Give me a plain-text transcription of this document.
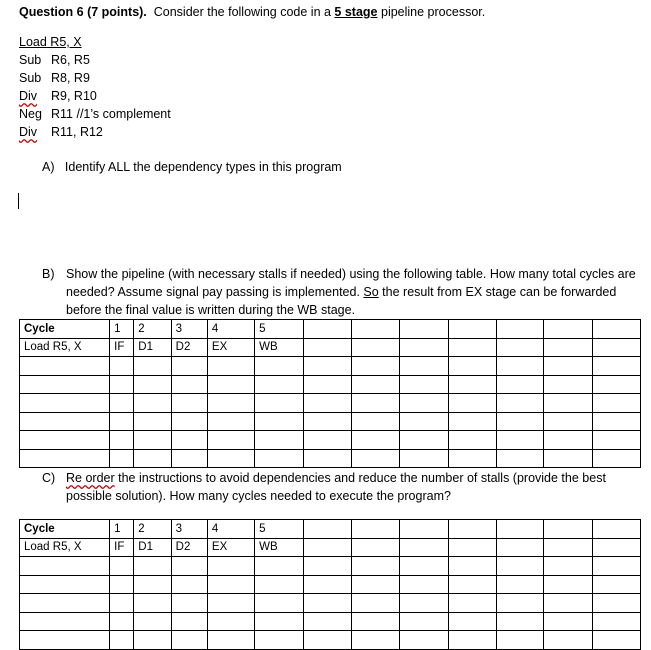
Question 6 (7 points). Consider the following code in a 5 stage pipeline processor.
Load R5, X
Sub R6, R5
Sub R8, R9
Div R9, R10
Neg R11 //1’s complement
Div R11, R12
A) Identify ALL the dependency types in this program
B) Show the pipeline (with necessary stalls if needed) using the following table. How many total cycles are needed? Assume signal pay passing is implemented. So the result from EX stage can be forwarded before the final value is written during the WB stage.
Cycle	1	2	3	4	5							
Load R5, X	IF	D1	D2	EX	WB							

C) Re order the instructions to avoid dependencies and reduce the number of stalls (provide the best possible solution). How many cycles needed to execute the program?
Cycle	1	2	3	4	5							
Load R5, X	IF	D1	D2	EX	WB							
